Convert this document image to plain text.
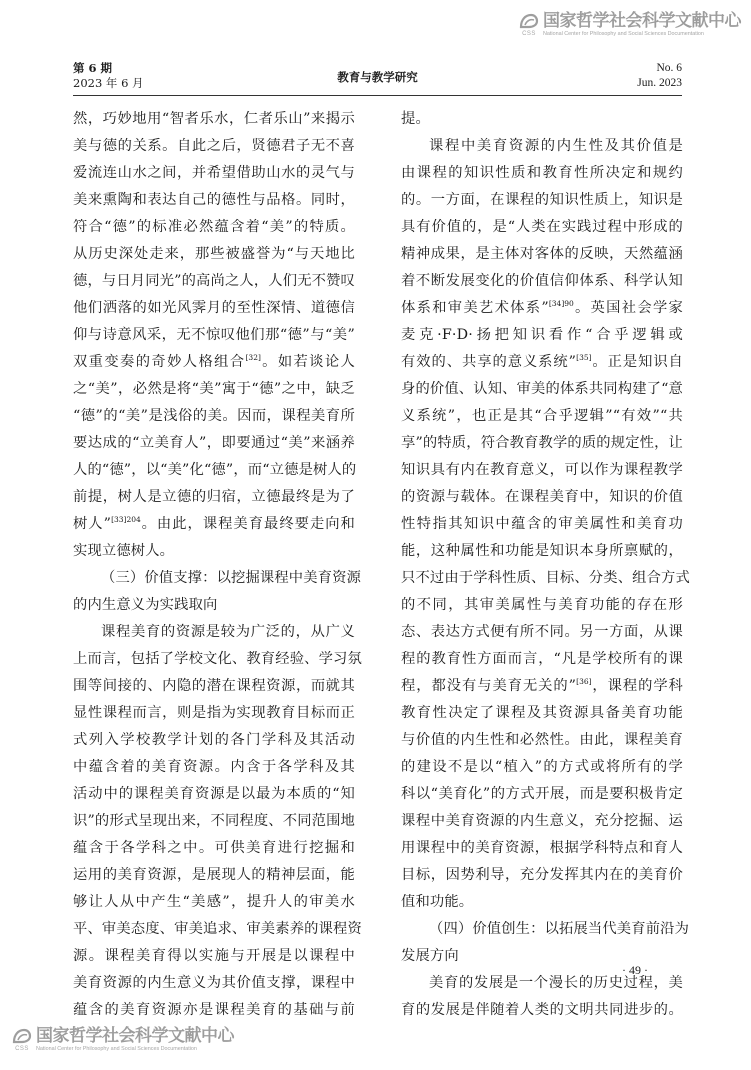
CSS
国家哲学社会科学文献中心
National Center for Philosophy and Social Sciences Documentation
第 6 期
2023 年 6 月	教育与教学研究
No. 6
Jun. 2023
然，巧妙地用“智者乐水，仁者乐山”来揭示
美与德的关系。自此之后，贤德君子无不喜
爱流连山水之间，并希望借助山水的灵气与
美来熏陶和表达自己的德性与品格。同时，
符合“德”的标准必然蕴含着“美”的特质。
从历史深处走来，那些被盛誉为“与天地比
德，与日月同光”的高尚之人，人们无不赞叹
他们洒落的如光风霁月的至性深情、道德信
仰与诗意风采，无不惊叹他们那“德”与“美”
双重变奏的奇妙人格组合[32]。如若谈论人
之“美”，必然是将“美”寓于“德”之中，缺乏
“德”的“美”是浅俗的美。因而，课程美育所
要达成的“立美育人”，即要通过“美”来涵养
人的“德”，以“美”化“德”，而“立德是树人的
前提，树人是立德的归宿，立德最终是为了
树人”$^{[33]204}$。由此，课程美育最终要走向和
实现立德树人。
（三）价值支撑：以挖掘课程中美育资源
的内生意义为实践取向
课程美育的资源是较为广泛的，从广义
上而言，包括了学校文化、教育经验、学习氛
围等间接的、内隐的潜在课程资源，而就其
显性课程而言，则是指为实现教育目标而正
式列入学校教学计划的各门学科及其活动
中蕴含着的美育资源。内含于各学科及其
活动中的课程美育资源是以最为本质的“知
识”的形式呈现出来，不同程度、不同范围地
蕴含于各学科之中。可供美育进行挖掘和
运用的美育资源，是展现人的精神层面，能
够让人从中产生“美感”，提升人的审美水
平、审美态度、审美追求、审美素养的课程资
源。课程美育得以实施与开展是以课程中
美育资源的内生意义为其价值支撑，课程中
蕴含的美育资源亦是课程美育的基础与前
提。
课程中美育资源的内生性及其价值是
由课程的知识性质和教育性所决定和规约
的。一方面，在课程的知识性质上，知识是
具有价值的，是“人类在实践过程中形成的
精神成果，是主体对客体的反映，天然蕴涵
着不断发展变化的价值信仰体系、科学认知
体系和审美艺术体系”$^{[34]90}$。英国社会学家
麦克·F·D·扬把知识看作“合乎逻辑或
有效的、共享的意义系统”[35]。正是知识自
身的价值、认知、审美的体系共同构建了“意
义系统”，也正是其“合乎逻辑”“有效”“共
享”的特质，符合教育教学的质的规定性，让
知识具有内在教育意义，可以作为课程教学
的资源与载体。在课程美育中，知识的价值
性特指其知识中蕴含的审美属性和美育功
能，这种属性和功能是知识本身所禀赋的，
只不过由于学科性质、目标、分类、组合方式
的不同，其审美属性与美育功能的存在形
态、表达方式便有所不同。另一方面，从课
程的教育性方面而言，“凡是学校所有的课
程，都没有与美育无关的”[36]，课程的学科
教育性决定了课程及其资源具备美育功能
与价值的内生性和必然性。由此，课程美育
的建设不是以“植入”的方式或将所有的学
科以“美育化”的方式开展，而是要积极肯定
课程中美育资源的内生意义，充分挖掘、运
用课程中的美育资源，根据学科特点和育人
目标，因势利导，充分发挥其内在的美育价
值和功能。
（四）价值创生：以拓展当代美育前沿为
发展方向
美育的发展是一个漫长的历史过程，美
育的发展是伴随着人类的文明共同进步的。
· 49 ·
CSS
国家哲学社会科学文献中心
National Center for Philosophy and Social Sciences Documentation
